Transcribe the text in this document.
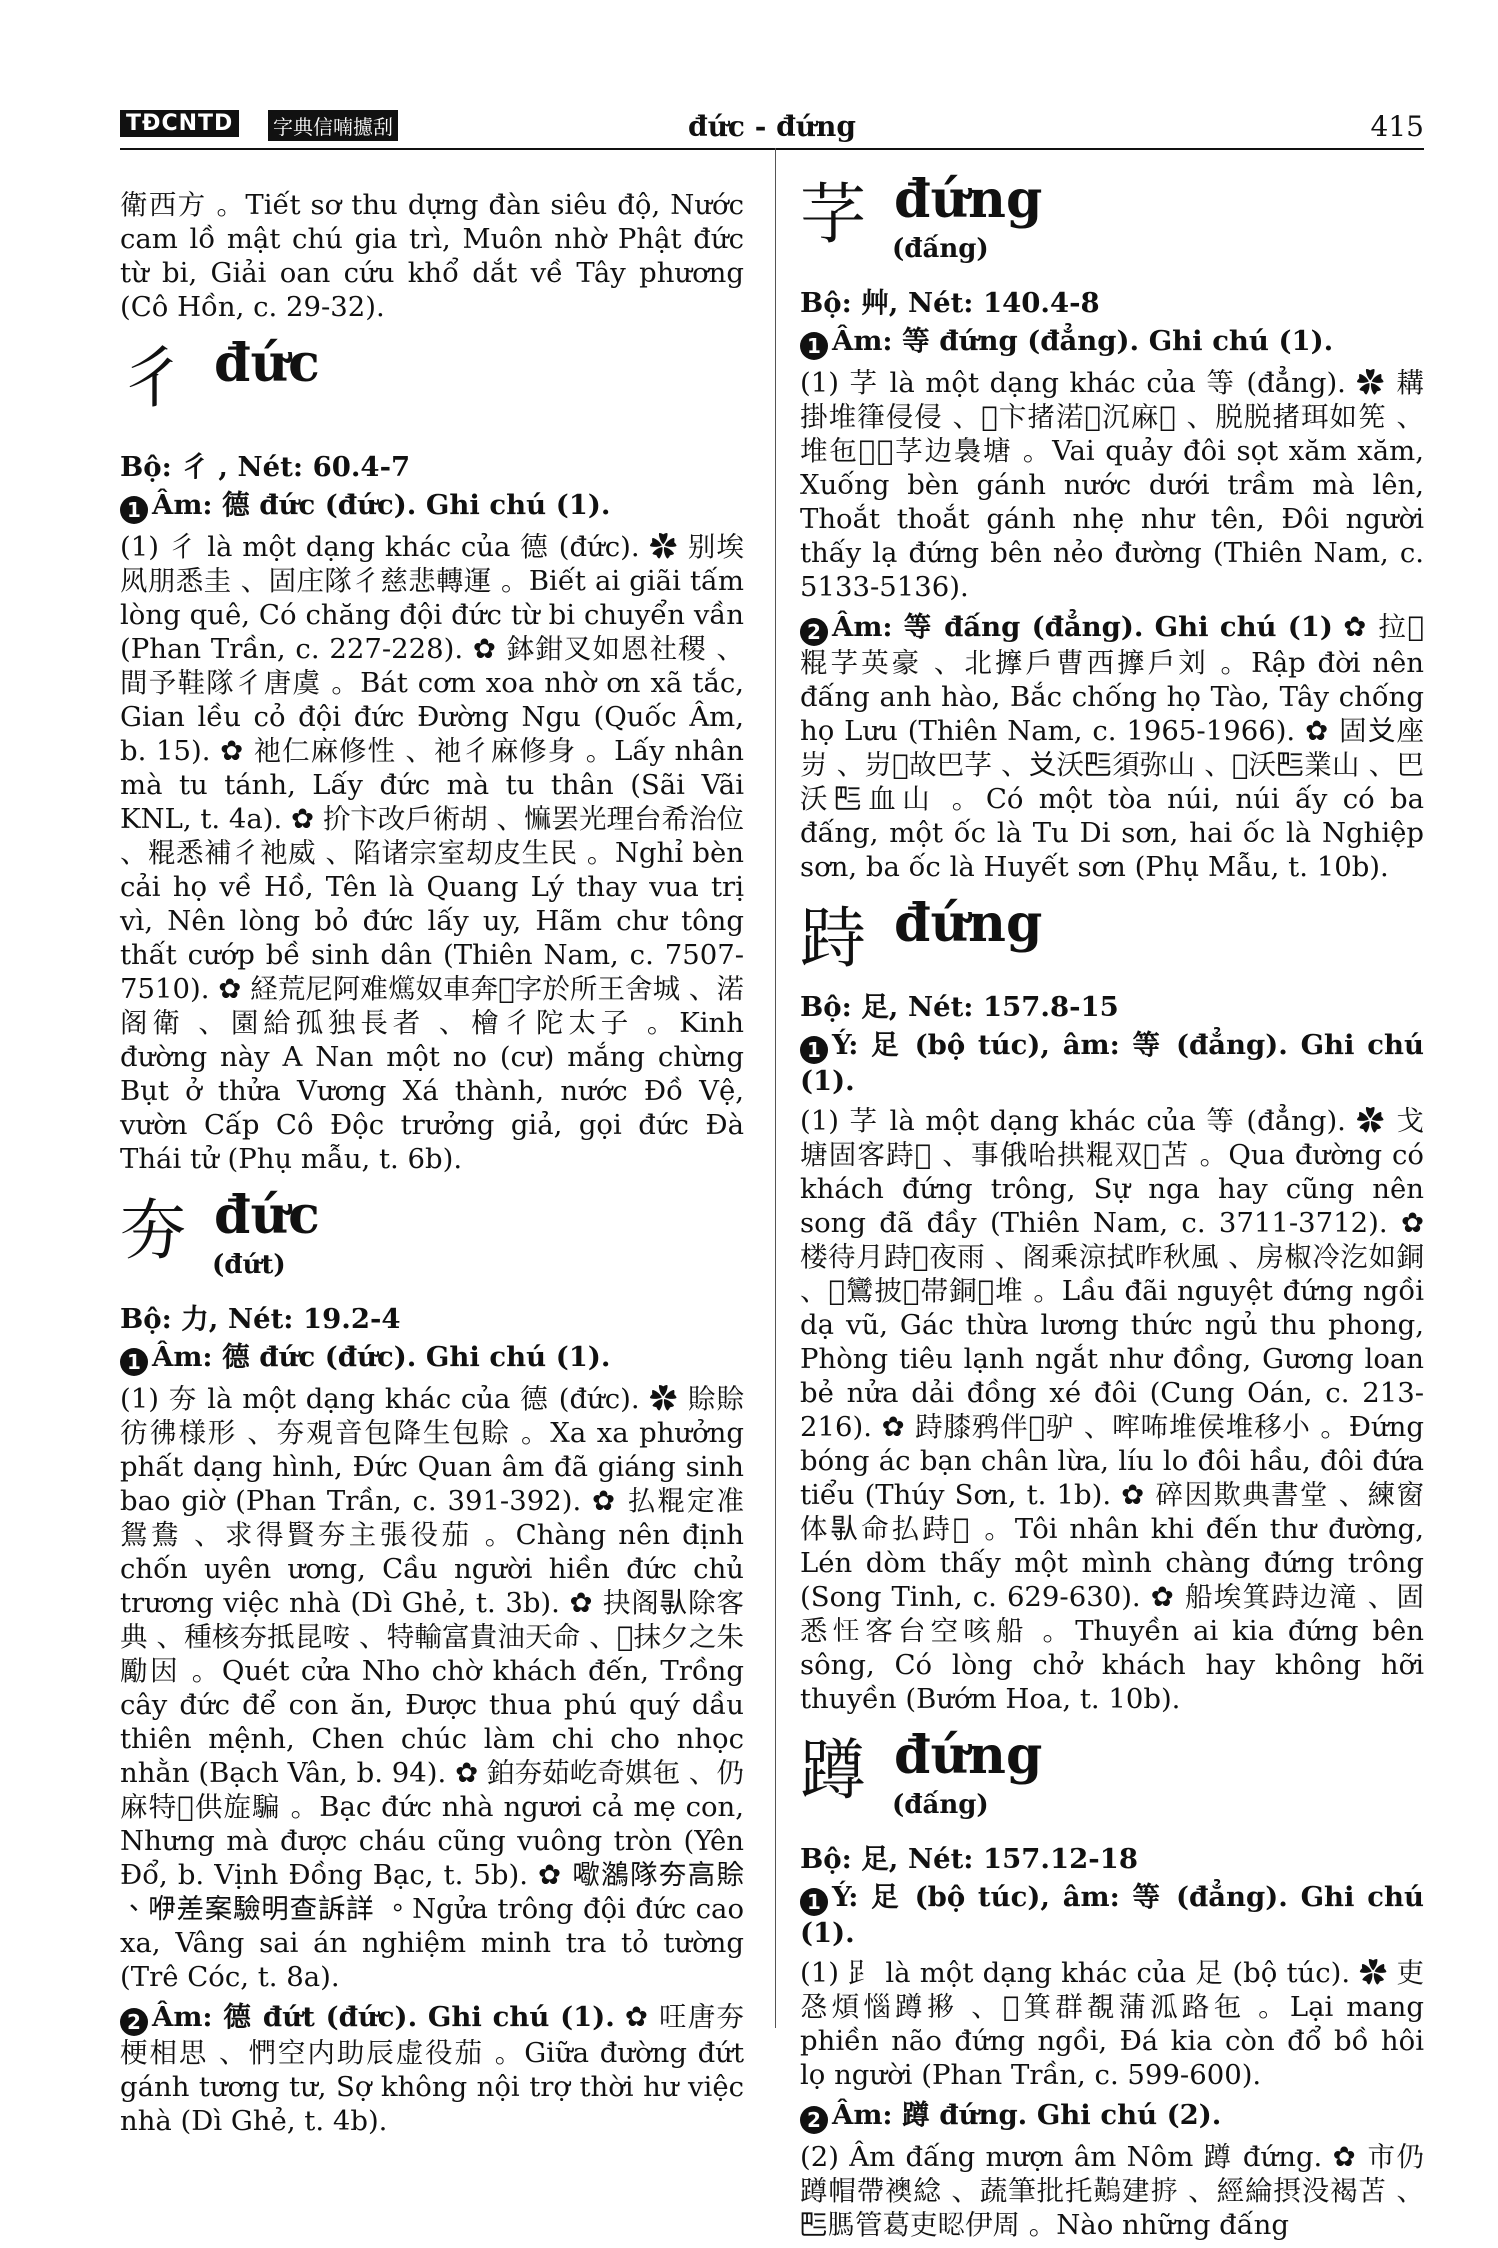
TĐCNTD	字典信喃攄刮	đức - đứng	415

衛西方 。Tiết sơ thu dựng đàn siêu độ, Nước cam lồ mật chú gia trì, Muôn nhờ Phật đức từ bi, Giải oan cứu khổ dắt về Tây phương (Cô Hồn, c. 29-32).

彳 đức

Bộ: 彳 , Nét: 60.4-7

1 Âm: 德 đức (đức). Ghi chú (1).

(1) 彳 là một dạng khác của 德 (đức). ✿ 别埃㶡朋悉圭 、固庄隊彳慈悲轉運 。Biết ai giãi tấm lòng quê, Có chăng đội đức từ bi chuyển vần (Phan Trần, c. 227-228). ✿ 鉢鉗叉如恩社稷 、間予鞋隊彳唐虞 。Bát cơm xoa nhờ ơn xã tắc, Gian lều cỏ đội đức Đường Ngu (Quốc Âm, b. 15). ✿ 祂仁麻修性 、祂彳麻修身 。Lấy nhân mà tu tánh, Lấy đức mà tu thân (Sãi Vãi KNL, t. 4a). ✿ 扴卞改戶術胡 、𢠩罢光理台希治位 、䊐悉補彳祂威 、陷诸宗室刧皮生民 。Nghỉ bèn cải họ về Hồ, Tên là Quang Lý thay vua trị vì, Nên lòng bỏ đức lấy uy, Hãm chư tông thất cướp bề sinh dân (Thiên Nam, c. 7507-7510). ✿ 経荒尼阿难𤒘奴車奔𡎝字於所王舍城 、渃阁衛 、園給孤独長者 、檜彳陀太子 。Kinh đường này A Nan một no (cư) mắng chừng Bụt ở thửa Vương Xá thành, nước Đồ Vệ, vườn Cấp Cô Độc trưởng giả, gọi đức Đà Thái tử (Phụ mẫu, t. 6b).

夯 đức
(đứt)

Bộ: 力, Nét: 19.2-4

1 Âm: 德 đức (đức). Ghi chú (1).

(1) 夯 là một dạng khác của 德 (đức). ✿ 賒賒彷彿様形 、夯覌音包降生包賒 。Xa xa phưởng phất dạng hình, Đức Quan âm đã giáng sinh bao giờ (Phan Trần, c. 391-392). ✿ 払䊐定准鴛鴦 、求得賢夯主張役茄 。Chàng nên định chốn uyên ương, Cầu người hiền đức chủ trương việc nhà (Dì Ghẻ, t. 3b). ✿ 抉阁𠊛除客典 、種核夯抵昆咹 、特輸富貴油天命 、𨅹抹夕之朱勵因 。Quét cửa Nho chờ khách đến, Trồng cây đức để con ăn, Được thua phú quý dầu thiên mệnh, Chen chúc làm chi cho nhọc nhằn (Bạch Vân, b. 94). ✿ 鉑夯茹屹奇娸㐌 、仍麻特𠅒供㫌騙 。Bạc đức nhà ngươi cả mẹ con, Nhưng mà được cháu cũng vuông tròn (Yên Đổ, b. Vịnh Đồng Bạc, t. 5b). ✿ 𠿒𪃕隊夯高賒 、咿差案驗明查訴詳 。Ngửa trông đội đức cao xa, Vâng sai án nghiệm minh tra tỏ tường (Trê Cóc, t. 8a).

2 Âm: 德 đứt (đức). Ghi chú (1). ✿ 㕵唐夯梗相思 、㥃空内助辰虚役茄 。Giữa đường đứt gánh tương tư, Sợ không nội trợ thời hư việc nhà (Dì Ghẻ, t. 4b).

芓 đứng
(đấng)

Bộ: 艸, Nét: 140.4-8

1 Âm: 等 đứng (đẳng). Ghi chú (1).

(1) 芓 là một dạng khác của 等 (đẳng). ✿ 耩掛堆箻侵侵 、𠁑卞㨋渃𠸗沉麻𨖲 、脱脱㨋珥如筅 、堆㐌𩈘𨅸芓边裊塘 。Vai quảy đôi sọt xăm xăm, Xuống bèn gánh nước dưới trầm mà lên, Thoắt thoắt gánh nhẹ như tên, Đôi người thấy lạ đứng bên nẻo đường (Thiên Nam, c. 5133-5136).

2 Âm: 等 đấng (đẳng). Ghi chú (1) ✿ 拉𡓇䊐芓英豪 、北擵戶曹西擵戶刘 。Rập đời nên đấng anh hào, Bắc chống họ Tào, Tây chống họ Lưu (Thiên Nam, c. 1965-1966). ✿ 固𠬠座岃 、岃𠆳故巴芓 、𠬠沃𠀧須弥山 、𠄩沃𠀧業山 、巴沃𠀧血山 。Có một tòa núi, núi ấy có ba đấng, một ốc là Tu Di sơn, hai ốc là Nghiệp sơn, ba ốc là Huyết sơn (Phụ Mẫu, t. 10b).

跱 đứng

Bộ: 足, Nét: 157.8-15

1 Ý: 足 (bộ túc), âm: 等 (đẳng). Ghi chú (1).

(1) 芓 là một dạng khác của 等 (đẳng). ✿ 戈塘固客跱𨅹 、事俄咍拱䊐双𠀧苫 。Qua đường có khách đứng trông, Sự nga hay cũng nên song đã đầy (Thiên Nam, c. 3711-3712). ✿ 楼待月跱𣊾夜雨 、阁乘涼拭昨秋風 、房椒冷汔如銅 、𦕄鸞披𡛔帯銅𢶢堆 。Lầu đãi nguyệt đứng ngồi dạ vũ, Gác thừa lương thức ngủ thu phong, Phòng tiêu lạnh ngắt như đồng, Gương loan bẻ nửa dải đồng xé đôi (Cung Oán, c. 213-216). ✿ 跱膝鸦伴𩠴驴 、哰咘堆侯堆移小 。Đứng bóng ác bạn chân lừa, líu lo đôi hầu, đôi đứa tiểu (Thúy Sơn, t. 1b). ✿ 碎因欺典書堂 、練窗体𠊛命払跱𨅹 。Tôi nhân khi đến thư đường, Lén dòm thấy một mình chàng đứng trông (Song Tinh, c. 629-630). ✿ 船埃箕跱边滝 、固悉𢗖客台空咳船 。Thuyền ai kia đứng bên sông, Có lòng chở khách hay không hỡi thuyền (Bướm Hoa, t. 10b).

蹲 đứng
(đấng)

Bộ: 足, Nét: 157.12-18

1 Ý: 足 (bộ túc), âm: 等 (đẳng). Ghi chú (1).

(1) 𧾷 là một dạng khác của 足 (bộ túc). ✿ 吏㤂煩惱蹲𢴐 、𥯉箕群覩蒲泒路㐌 。Lại mang phiền não đứng ngồi, Đá kia còn đổ bồ hôi lọ người (Phan Trần, c. 599-600).

2 Âm: 蹲 đứng. Ghi chú (2).

(2) Âm đấng mượn âm Nôm 蹲 đứng. ✿ 市仍蹲帽帶襖𦁤 、蔬筆批托𪏝建𢭸 、經綸摂没褐苫 、𠀧𦟐管葛吏𥆾伊周 。Nào những đấng
